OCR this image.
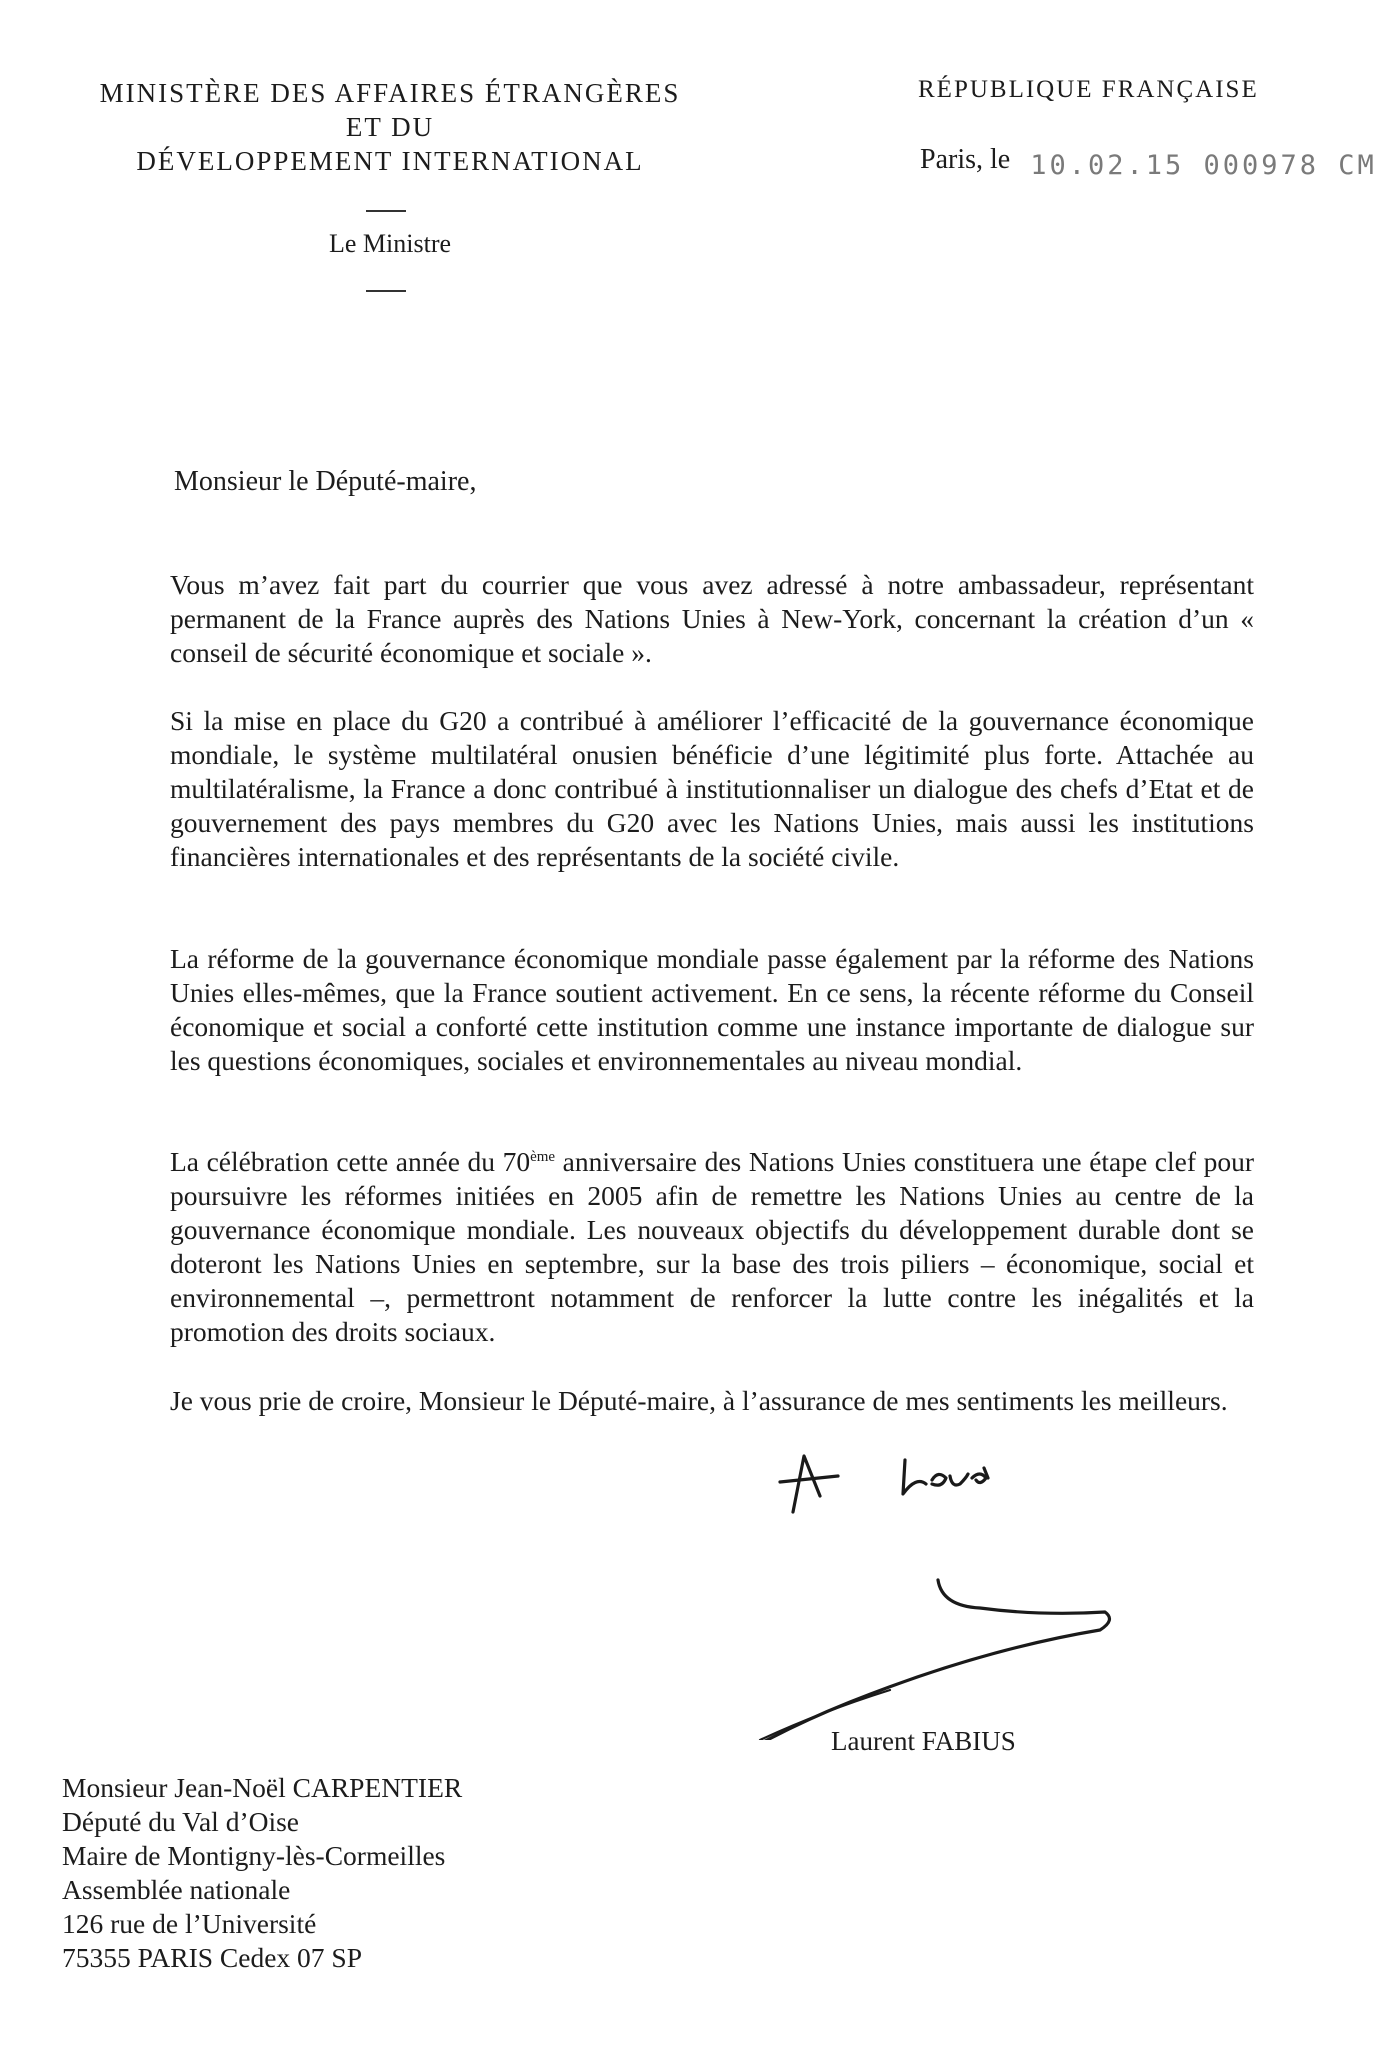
MINISTÈRE DES AFFAIRES ÉTRANGÈRES
ET DU
DÉVELOPPEMENT INTERNATIONAL
Le Ministre
RÉPUBLIQUE FRANÇAISE
Paris, le 10.02.15 000978 CM
Monsieur le Député-maire,
Vous m’avez fait part du courrier que vous avez adressé à notre ambassadeur, représentant permanent de la France auprès des Nations Unies à New-York, concernant la création d’un « conseil de sécurité économique et sociale ».
Si la mise en place du G20 a contribué à améliorer l’efficacité de la gouvernance économique mondiale, le système multilatéral onusien bénéficie d’une légitimité plus forte. Attachée au multilatéralisme, la France a donc contribué à institutionnaliser un dialogue des chefs d’Etat et de gouvernement des pays membres du G20 avec les Nations Unies, mais aussi les institutions financières internationales et des représentants de la société civile.
La réforme de la gouvernance économique mondiale passe également par la réforme des Nations Unies elles-mêmes, que la France soutient activement. En ce sens, la récente réforme du Conseil économique et social a conforté cette institution comme une instance importante de dialogue sur les questions économiques, sociales et environnementales au niveau mondial.
La célébration cette année du 70ème anniversaire des Nations Unies constituera une étape clef pour poursuivre les réformes initiées en 2005 afin de remettre les Nations Unies au centre de la gouvernance économique mondiale. Les nouveaux objectifs du développement durable dont se doteront les Nations Unies en septembre, sur la base des trois piliers – économique, social et environnemental –, permettront notamment de renforcer la lutte contre les inégalités et la promotion des droits sociaux.
Je vous prie de croire, Monsieur le Député-maire, à l’assurance de mes sentiments les meilleurs.
Laurent FABIUS
Monsieur Jean-Noël CARPENTIER
Député du Val d’Oise
Maire de Montigny-lès-Cormeilles
Assemblée nationale
126 rue de l’Université
75355 PARIS Cedex 07 SP
